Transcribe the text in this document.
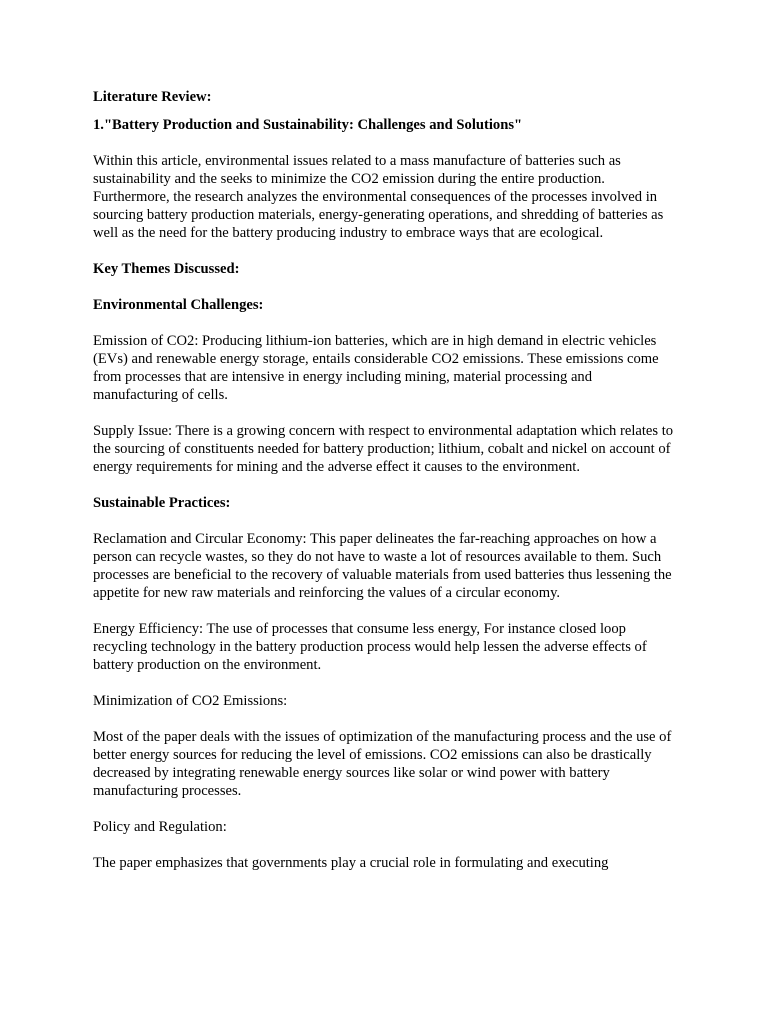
Literature Review:

1."Battery Production and Sustainability: Challenges and Solutions"

Within this article, environmental issues related to a mass manufacture of batteries such as sustainability and the seeks to minimize the CO2 emission during the entire production. Furthermore, the research analyzes the environmental consequences of the processes involved in sourcing battery production materials, energy-generating operations, and shredding of batteries as well as the need for the battery producing industry to embrace ways that are ecological.

Key Themes Discussed:

Environmental Challenges:

Emission of CO2: Producing lithium-ion batteries, which are in high demand in electric vehicles (EVs) and renewable energy storage, entails considerable CO2 emissions. These emissions come from processes that are intensive in energy including mining, material processing and manufacturing of cells.

Supply Issue: There is a growing concern with respect to environmental adaptation which relates to the sourcing of constituents needed for battery production; lithium, cobalt and nickel on account of energy requirements for mining and the adverse effect it causes to the environment.

Sustainable Practices:

Reclamation and Circular Economy: This paper delineates the far-reaching approaches on how a person can recycle wastes, so they do not have to waste a lot of resources available to them. Such processes are beneficial to the recovery of valuable materials from used batteries thus lessening the appetite for new raw materials and reinforcing the values of a circular economy.

Energy Efficiency: The use of processes that consume less energy, For instance closed loop recycling technology in the battery production process would help lessen the adverse effects of battery production on the environment.

Minimization of CO2 Emissions:

Most of the paper deals with the issues of optimization of the manufacturing process and the use of better energy sources for reducing the level of emissions. CO2 emissions can also be drastically decreased by integrating renewable energy sources like solar or wind power with battery manufacturing processes.

Policy and Regulation:

The paper emphasizes that governments play a crucial role in formulating and executing
